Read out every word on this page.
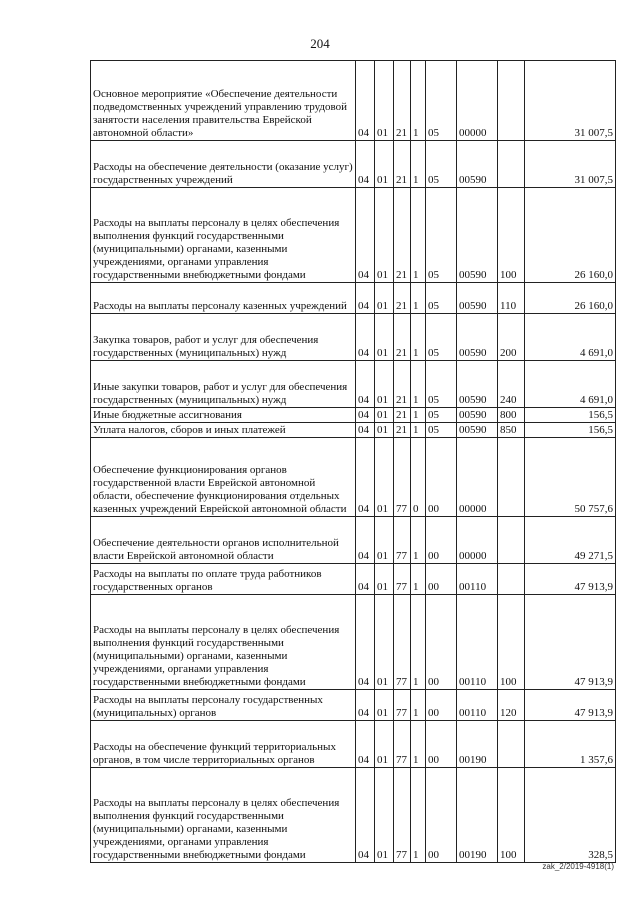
204
Основное мероприятие «Обеспечение деятельности подведомственных учреждений управлению трудовой занятости населения правительства Еврейской автономной области»	04	01	21	1	05	00000		31 007,5
Расходы на обеспечение деятельности (оказание услуг) государственных учреждений	04	01	21	1	05	00590		31 007,5
Расходы на выплаты персоналу в целях обеспечения выполнения функций государственными (муниципальными) органами, казенными учреждениями, органами управления государственными внебюджетными фондами	04	01	21	1	05	00590	100	26 160,0
Расходы на выплаты персоналу казенных учреждений	04	01	21	1	05	00590	110	26 160,0
Закупка товаров, работ и услуг для обеспечения государственных (муниципальных) нужд	04	01	21	1	05	00590	200	4 691,0
Иные закупки товаров, работ и услуг для обеспечения государственных (муниципальных) нужд	04	01	21	1	05	00590	240	4 691,0
Иные бюджетные ассигнования	04	01	21	1	05	00590	800	156,5
Уплата налогов, сборов и иных платежей	04	01	21	1	05	00590	850	156,5
Обеспечение функционирования органов государственной власти Еврейской автономной области, обеспечение функционирования отдельных казенных учреждений Еврейской автономной области	04	01	77	0	00	00000		50 757,6
Обеспечение деятельности органов исполнительной власти Еврейской автономной области	04	01	77	1	00	00000		49 271,5
Расходы на выплаты по оплате труда работников государственных органов	04	01	77	1	00	00110		47 913,9
Расходы на выплаты персоналу в целях обеспечения выполнения функций государственными (муниципальными) органами, казенными учреждениями, органами управления государственными внебюджетными фондами	04	01	77	1	00	00110	100	47 913,9
Расходы на выплаты персоналу государственных (муниципальных) органов	04	01	77	1	00	00110	120	47 913,9
Расходы на обеспечение функций территориальных органов, в том числе территориальных органов	04	01	77	1	00	00190		1 357,6
Расходы на выплаты персоналу в целях обеспечения выполнения функций государственными (муниципальными) органами, казенными учреждениями, органами управления государственными внебюджетными фондами	04	01	77	1	00	00190	100	328,5
zak_2/2019-4918(1)
